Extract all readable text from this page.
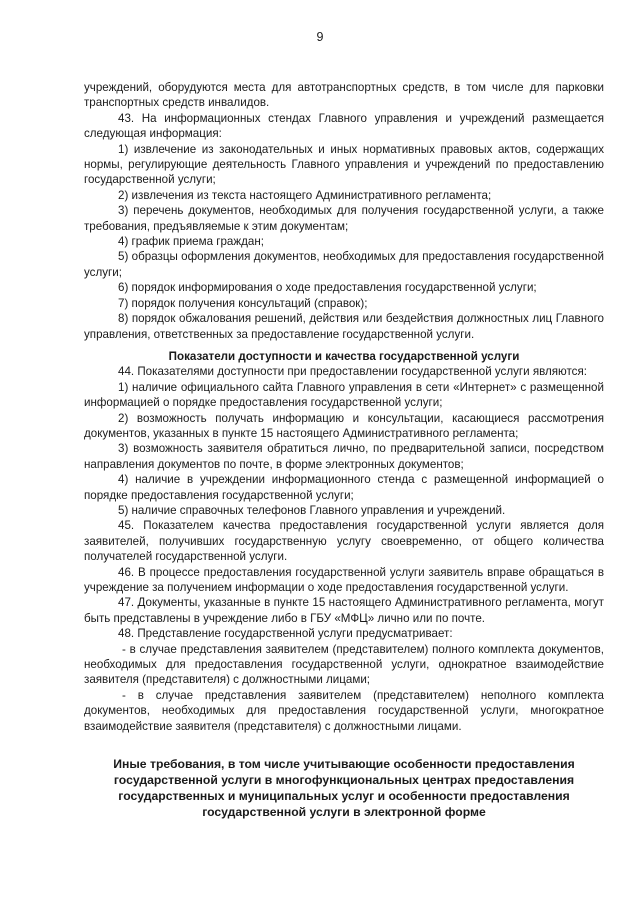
9

учреждений, оборудуются места для автотранспортных средств, в том числе для парковки транспортных средств инвалидов.

43. На информационных стендах Главного управления и учреждений размещается следующая информация:

1) извлечение из законодательных и иных нормативных правовых актов, содержащих нормы, регулирующие деятельность Главного управления и учреждений по предоставлению государственной услуги;

2) извлечения из текста настоящего Административного регламента;

3) перечень документов, необходимых для получения государственной услуги, а также требования, предъявляемые к этим документам;

4) график приема граждан;

5) образцы оформления документов, необходимых для предоставления государственной услуги;

6) порядок информирования о ходе предоставления государственной услуги;

7) порядок получения консультаций (справок);

8) порядок обжалования решений, действия или бездействия должностных лиц Главного управления, ответственных за предоставление государственной услуги.

Показатели доступности и качества государственной услуги

44. Показателями доступности при предоставлении государственной услуги являются:

1) наличие официального сайта Главного управления в сети «Интернет» с размещенной информацией о порядке предоставления государственной услуги;

2) возможность получать информацию и консультации, касающиеся рассмотрения документов, указанных в пункте 15 настоящего Административного регламента;

3) возможность заявителя обратиться лично, по предварительной записи, посредством направления документов по почте, в форме электронных документов;

4) наличие в учреждении информационного стенда с размещенной информацией о порядке предоставления государственной услуги;

5) наличие справочных телефонов Главного управления и учреждений.

45. Показателем качества предоставления государственной услуги является доля заявителей, получивших государственную услугу своевременно, от общего количества получателей государственной услуги.

46. В процессе предоставления государственной услуги заявитель вправе обращаться в учреждение за получением информации о ходе предоставления государственной услуги.

47. Документы, указанные в пункте 15 настоящего Административного регламента, могут быть представлены в учреждение либо в ГБУ «МФЦ» лично или по почте.

48. Представление государственной услуги предусматривает:

- в случае представления заявителем (представителем) полного комплекта документов, необходимых для предоставления государственной услуги, однократное взаимодействие заявителя (представителя) с должностными лицами;

- в случае представления заявителем (представителем) неполного комплекта документов, необходимых для предоставления государственной услуги, многократное взаимодействие заявителя (представителя) с должностными лицами.

Иные требования, в том числе учитывающие особенности предоставления государственной услуги в многофункциональных центрах предоставления государственных и муниципальных услуг и особенности предоставления государственной услуги в электронной форме
